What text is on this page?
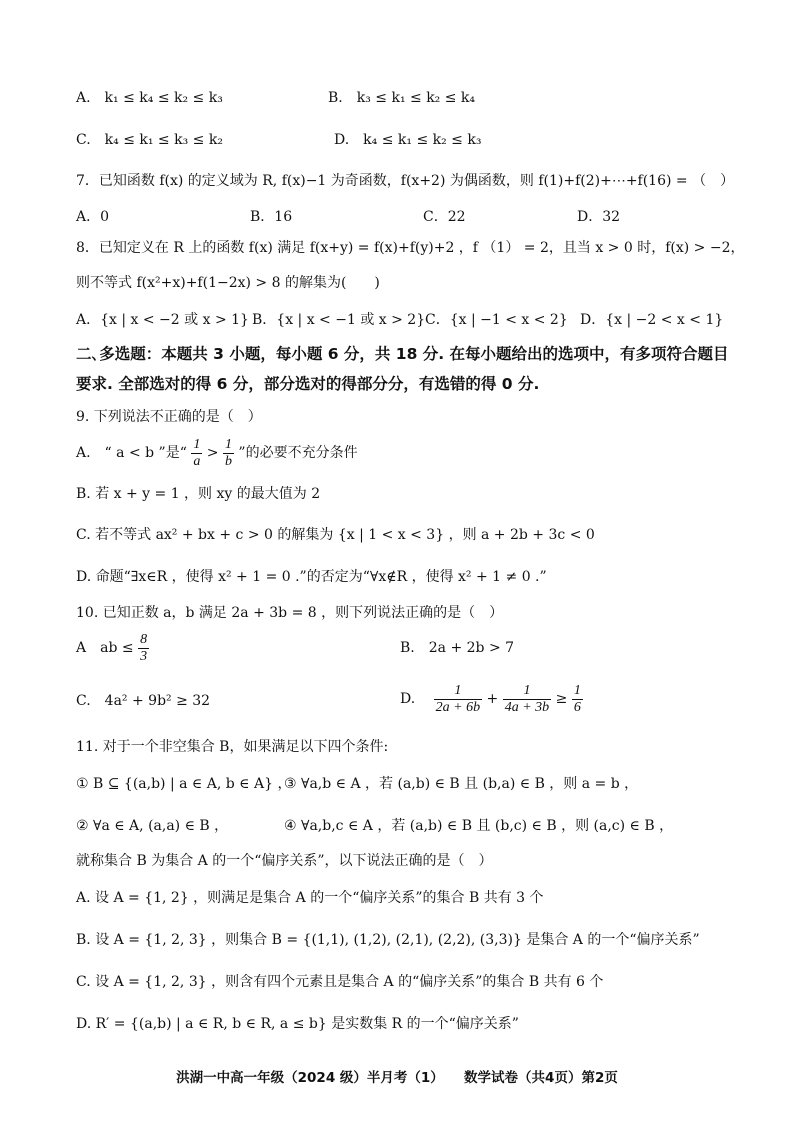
A.　k₁ ≤ k₄ ≤ k₂ ≤ k₃	B.　k₃ ≤ k₁ ≤ k₂ ≤ k₄
C.　k₄ ≤ k₁ ≤ k₃ ≤ k₂	D.　k₄ ≤ k₁ ≤ k₂ ≤ k₃
7．已知函数 f(x) 的定义域为 R, f(x)−1 为奇函数，f(x+2) 为偶函数，则 f(1)+f(2)+⋯+f(16) = （　）
A．0	B．16	C．22	D．32
8．已知定义在 R 上的函数 f(x) 满足 f(x+y) = f(x)+f(y)+2 ，f （1） = 2，且当 x > 0 时，f(x) > −2，
则不等式 f(x²+x)+f(1−2x) > 8 的解集为(　　)
A．{x | x < −2 或 x > 1} B．{x | x < −1 或 x > 2} C．{x | −1 < x < 2} D．{x | −2 < x < 1}
二､多选题：本题共 3 小题，每小题 6 分，共 18 分. 在每小题给出的选项中，有多项符合题目
要求. 全部选对的得 6 分，部分选对的得部分分，有选错的得 0 分.
9. 下列说法不正确的是（　）
A.　“ a < b ”是“ $\frac{1}{a} > \frac{1}{b}$ ”的必要不充分条件
B. 若 x + y = 1 ，则 xy 的最大值为 2
C. 若不等式 ax² + bx + c > 0 的解集为 {x | 1 < x < 3} ，则 a + 2b + 3c < 0
D. 命题“∃x∈R ，使得 x² + 1 = 0 .”的否定为“∀x∉R ，使得 x² + 1 ≠ 0 .”
10. 已知正数 a，b 满足 2a + 3b = 8 ，则下列说法正确的是（　）
A　ab ≤ $\frac{8}{3}$	B.　2a + 2b > 7
C.　4a² + 9b² ≥ 32	D.　 $\frac{1}{2a + 6b} + \frac{1}{4a + 3b} \ge \frac{1}{6}$
11. 对于一个非空集合 B，如果满足以下四个条件:
① B ⊆ {(a,b) | a ∈ A, b ∈ A} ，
③ ∀a,b ∈ A ，若 (a,b) ∈ B 且 (b,a) ∈ B ，则 a = b ，
② ∀a ∈ A, (a,a) ∈ B ，	④ ∀a,b,c ∈ A ，若 (a,b) ∈ B 且 (b,c) ∈ B ，则 (a,c) ∈ B ，
就称集合 B 为集合 A 的一个“偏序关系”，以下说法正确的是（　）
A. 设 A = {1, 2} ，则满足是集合 A 的一个“偏序关系”的集合 B 共有 3 个
B. 设 A = {1, 2, 3} ，则集合 B = {(1,1), (1,2), (2,1), (2,2), (3,3)} 是集合 A 的一个“偏序关系”
C. 设 A = {1, 2, 3} ，则含有四个元素且是集合 A 的“偏序关系”的集合 B 共有 6 个
D. R′ = {(a,b) | a ∈ R, b ∈ R, a ≤ b} 是实数集 R 的一个“偏序关系”
洪湖一中高一年级（2024 级）半月考（1）　　数学试卷（共4页）第2页
